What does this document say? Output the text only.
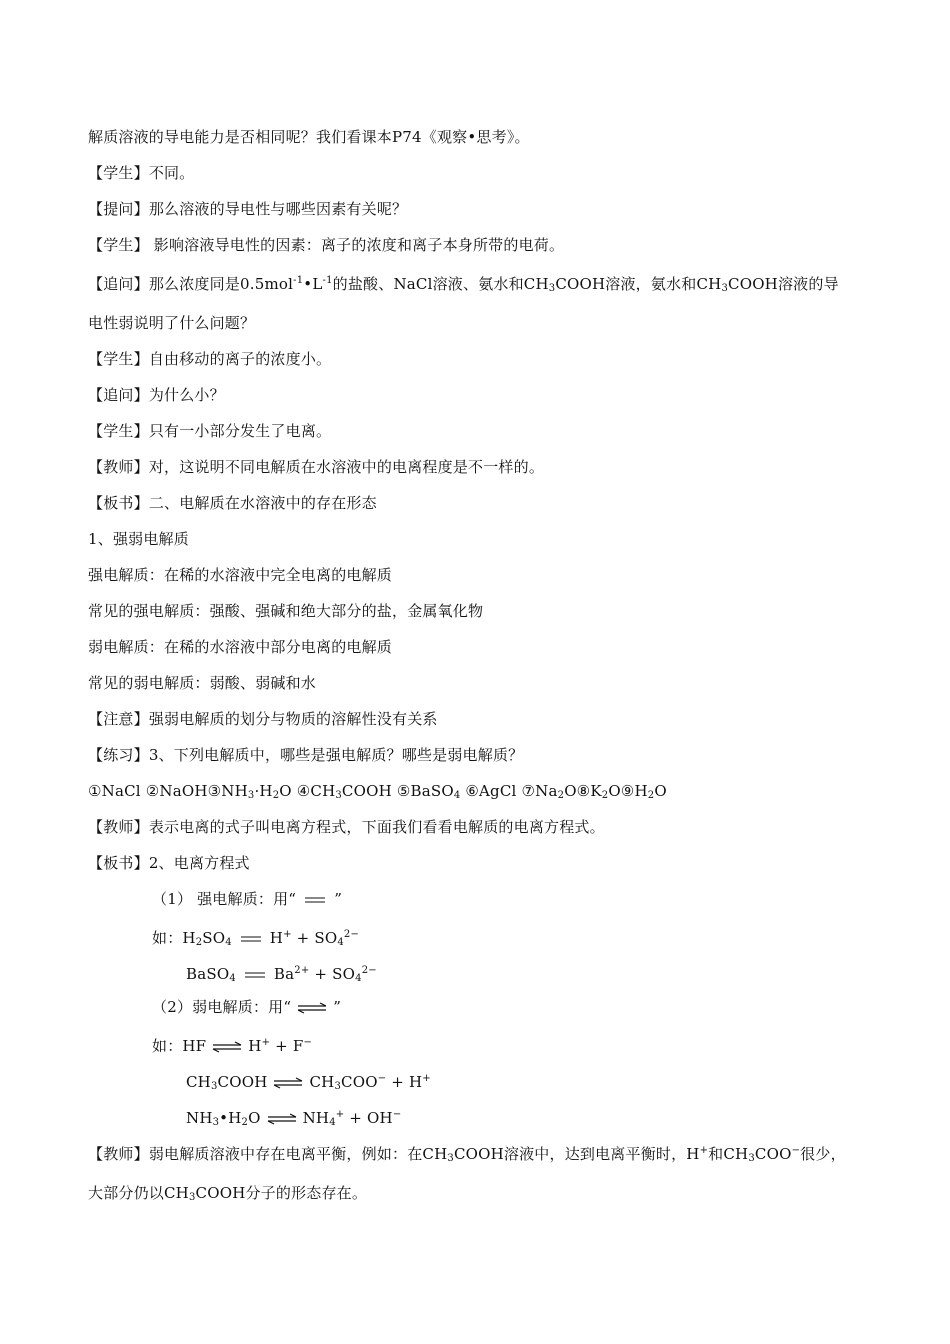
解质溶液的导电能力是否相同呢？我们看课本P74《观察•思考》。
【学生】不同。
【提问】那么溶液的导电性与哪些因素有关呢？
【学生】 影响溶液导电性的因素：离子的浓度和离子本身所带的电荷。
【追问】那么浓度同是$0.5mol^{-1}•L^{-1}$的盐酸、NaCl溶液、氨水和$CH_3COOH$溶液，氨水和$CH_3COOH$溶液的导
电性弱说明了什么问题？
【学生】自由移动的离子的浓度小。
【追问】为什么小？
【学生】只有一小部分发生了电离。
【教师】对，这说明不同电解质在水溶液中的电离程度是不一样的。
【板书】二、电解质在水溶液中的存在形态
1、强弱电解质
强电解质：在稀的水溶液中完全电离的电解质
常见的强电解质：强酸、强碱和绝大部分的盐，金属氧化物
弱电解质：在稀的水溶液中部分电离的电解质
常见的弱电解质：弱酸、弱碱和水
【注意】强弱电解质的划分与物质的溶解性没有关系
【练习】3、下列电解质中，哪些是强电解质？哪些是弱电解质？
①NaCl $②NaOH③NH_3\cdot H_2O$ $④CH_3COOH$ ⑤BaSO$_4$ ⑥AgCl $⑦Na_2O⑧K_2O⑨H_2O$
【教师】表示电离的式子叫电离方程式，下面我们看看电解质的电离方程式。
【板书】2、电离方程式
（1） 强电解质：用“	”
如：$H_2SO_4$	$H^+ + SO_4^{2-}$
BaSO$_4$	$Ba^{2+} + SO_4^{2-}$
（2）弱电解质：用“ ⇌ ”
如：HF ⇌ H+ + F−
$CH_3COOH$ ⇌ $CH_3COO^- + H^+$
$NH_3•H_2O$ ⇌ $NH_4^+ + OH^-$
【教师】弱电解质溶液中存在电离平衡，例如：在$CH_3COOH$溶液中，达到电离平衡时，H+和$CH_3COO^-$很少，
大部分仍以$CH_3COOH$分子的形态存在。
